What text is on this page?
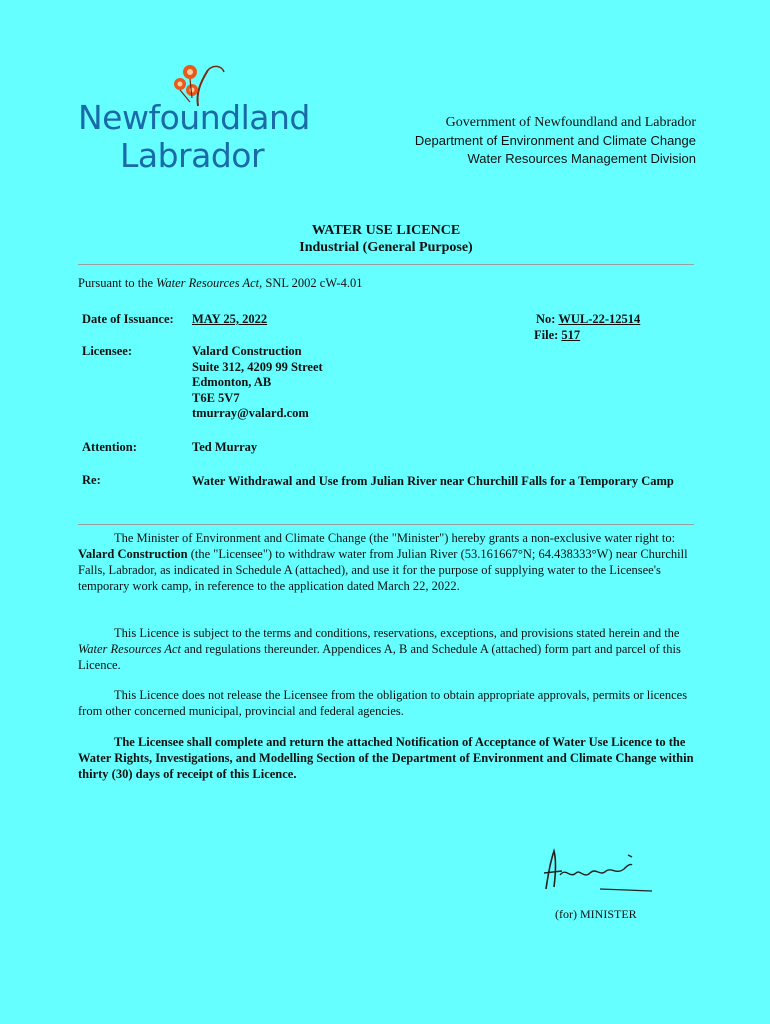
Newfoundland
Labrador
Government of Newfoundland and Labrador
Department of Environment and Climate Change
Water Resources Management Division
WATER USE LICENCE
Industrial (General Purpose)
Pursuant to the Water Resources Act, SNL 2002 cW-4.01
Date of Issuance: MAY 25, 2022	No: WUL-22-12514
File: 517
Licensee:	Valard Construction
Suite 312, 4209 99 Street
Edmonton, AB
T6E 5V7
tmurray@valard.com
Attention:	Ted Murray
Re:	Water Withdrawal and Use from Julian River near Churchill Falls for a Temporary Camp
The Minister of Environment and Climate Change (the "Minister") hereby grants a non-exclusive water right to: Valard Construction (the "Licensee") to withdraw water from Julian River (53.161667°N; 64.438333°W) near Churchill Falls, Labrador, as indicated in Schedule A (attached), and use it for the purpose of supplying water to the Licensee's temporary work camp, in reference to the application dated March 22, 2022.
This Licence is subject to the terms and conditions, reservations, exceptions, and provisions stated herein and the Water Resources Act and regulations thereunder. Appendices A, B and Schedule A (attached) form part and parcel of this Licence.
This Licence does not release the Licensee from the obligation to obtain appropriate approvals, permits or licences from other concerned municipal, provincial and federal agencies.
The Licensee shall complete and return the attached Notification of Acceptance of Water Use Licence to the Water Rights, Investigations, and Modelling Section of the Department of Environment and Climate Change within thirty (30) days of receipt of this Licence.
(for) MINISTER
